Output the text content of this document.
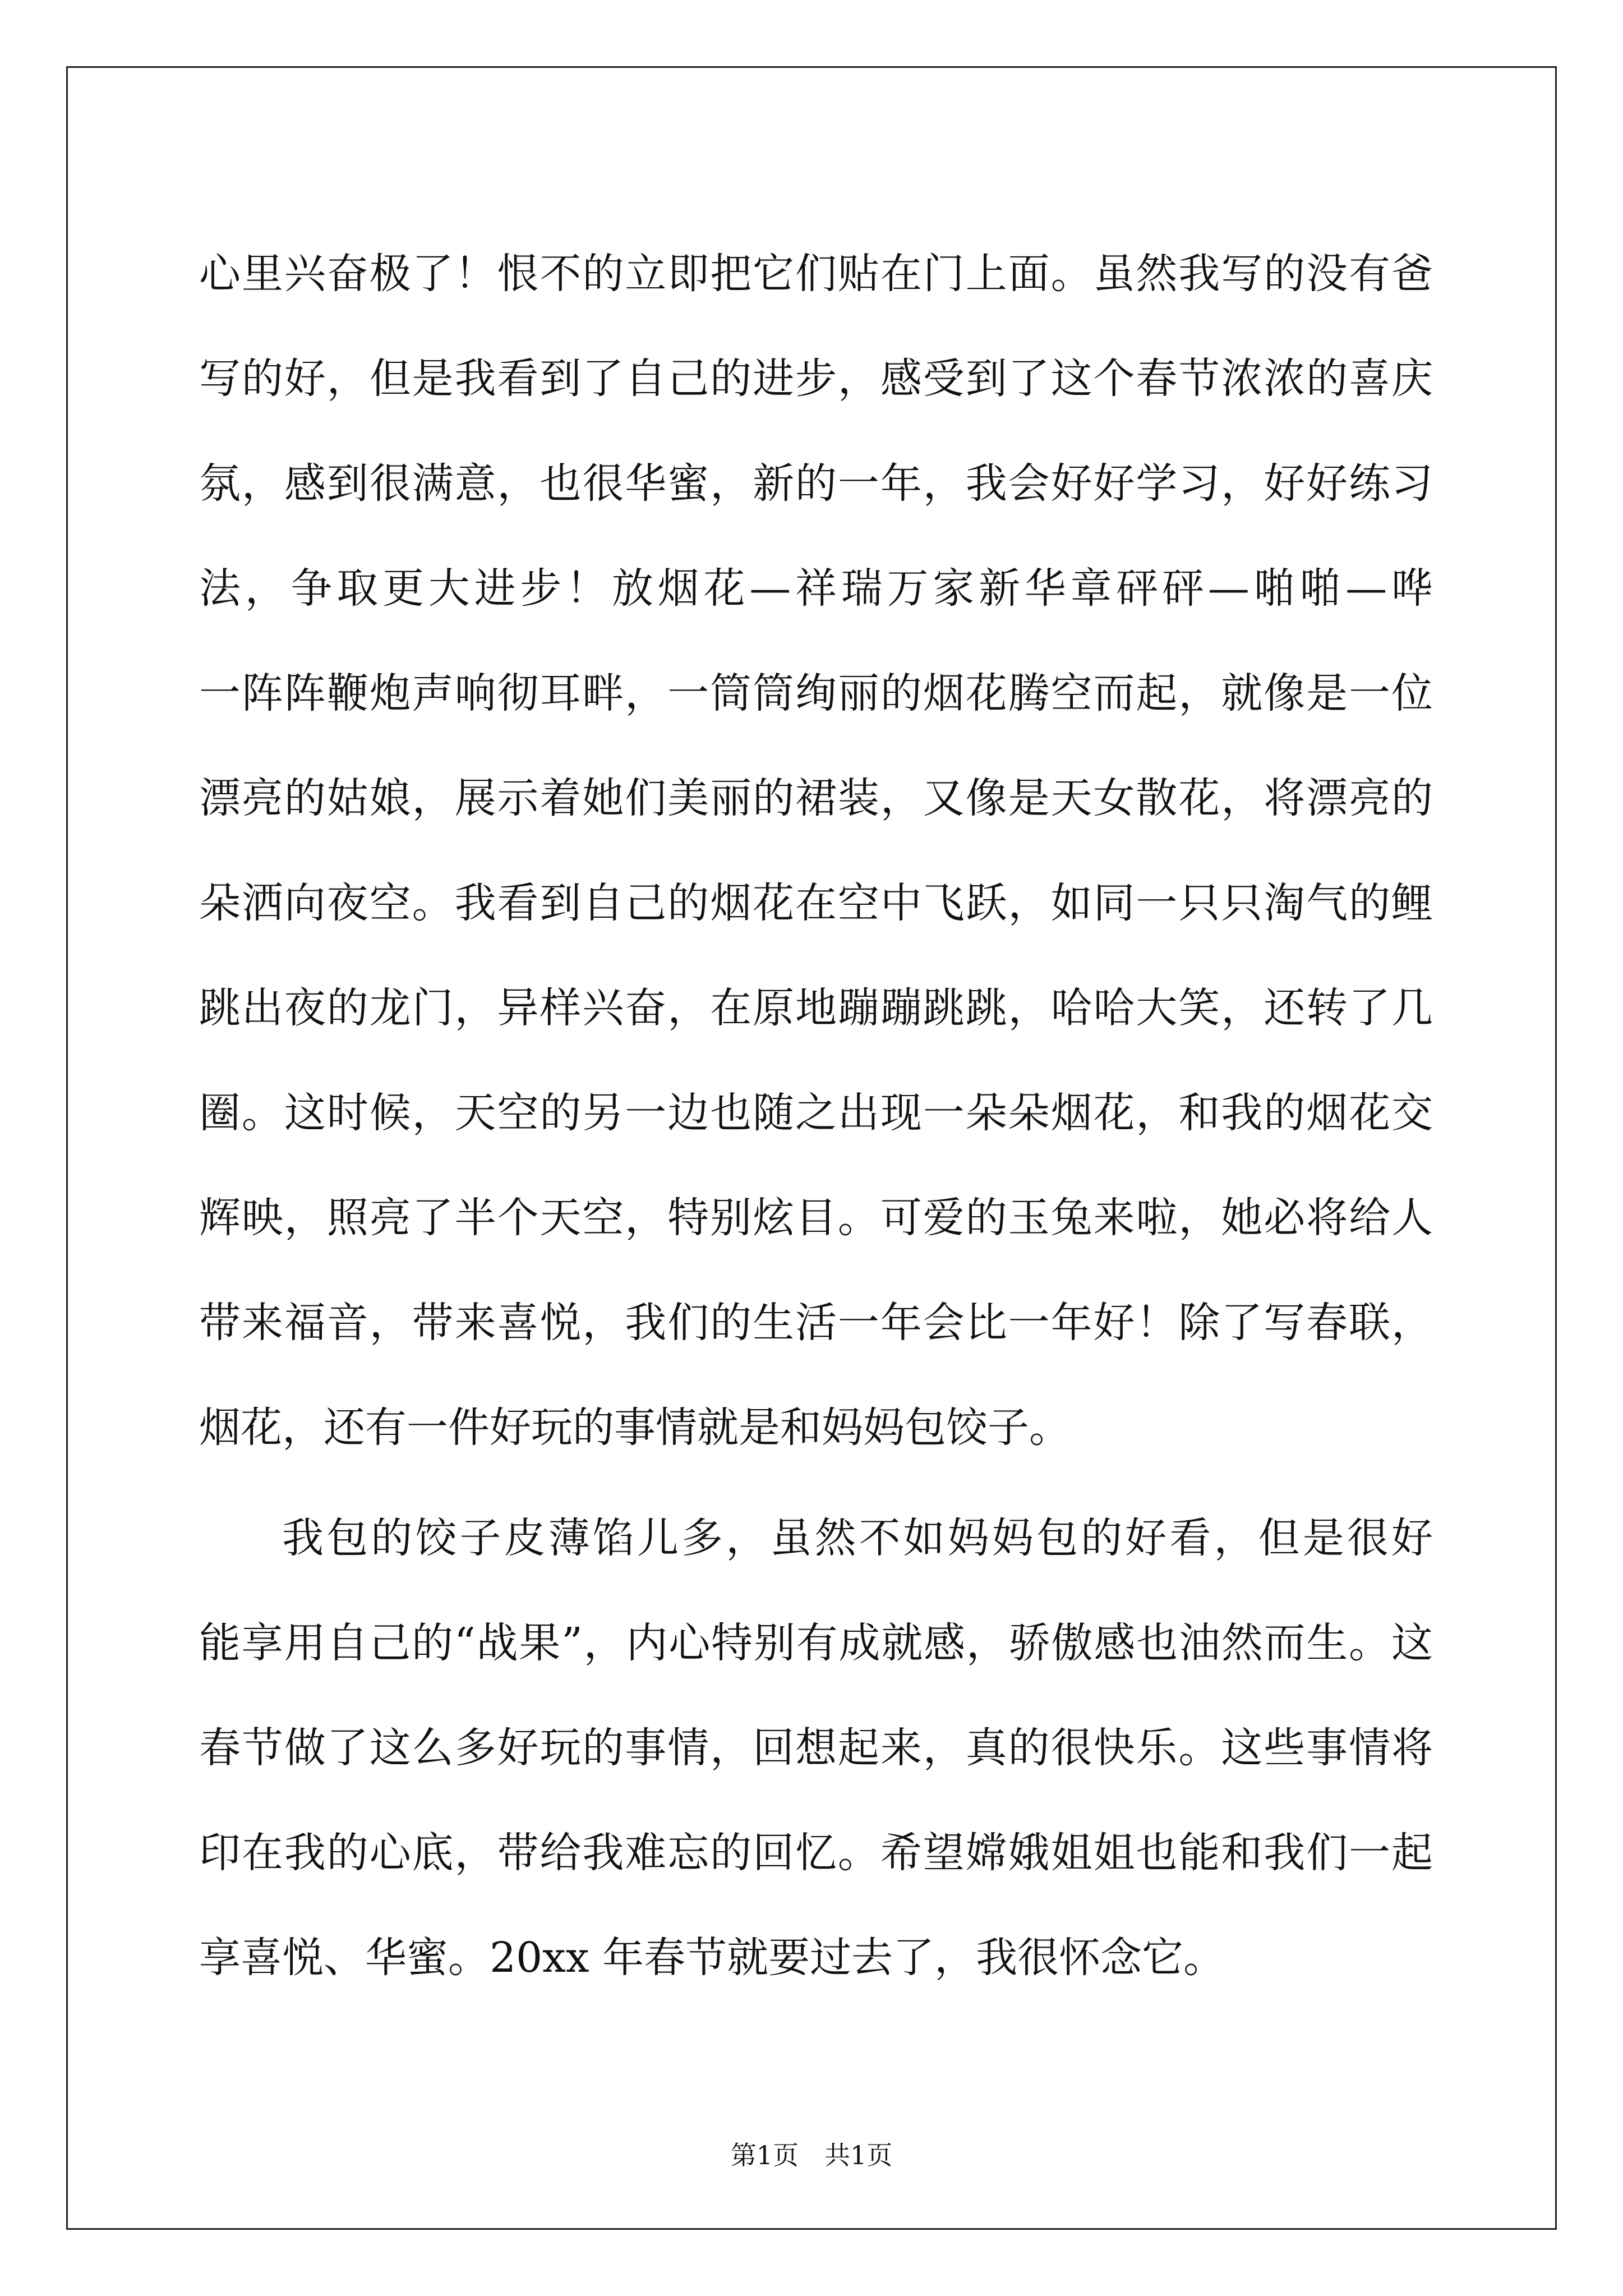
心里兴奋极了！恨不的立即把它们贴在门上面。虽然我写的没有爸
写的好，但是我看到了自己的进步，感受到了这个春节浓浓的喜庆
氛，感到很满意，也很华蜜，新的一年，我会好好学习，好好练习
法，争取更大进步！放烟花—祥瑞万家新华章砰砰—啪啪—哗
一阵阵鞭炮声响彻耳畔，一筒筒绚丽的烟花腾空而起，就像是一位
漂亮的姑娘，展示着她们美丽的裙装，又像是天女散花，将漂亮的
朵洒向夜空。我看到自己的烟花在空中飞跃，如同一只只淘气的鲤
跳出夜的龙门，异样兴奋，在原地蹦蹦跳跳，哈哈大笑，还转了几
圈。这时候，天空的另一边也随之出现一朵朵烟花，和我的烟花交
辉映，照亮了半个天空，特别炫目。可爱的玉兔来啦，她必将给人
带来福音，带来喜悦，我们的生活一年会比一年好！除了写春联，
烟花，还有一件好玩的事情就是和妈妈包饺子。
我包的饺子皮薄馅儿多，虽然不如妈妈包的好看，但是很好
能享用自己的“战果”，内心特别有成就感，骄傲感也油然而生。这
春节做了这么多好玩的事情，回想起来，真的很快乐。这些事情将
印在我的心底，带给我难忘的回忆。希望嫦娥姐姐也能和我们一起
享喜悦、华蜜。20xx 年春节就要过去了，我很怀念它。
第1页　共1页
